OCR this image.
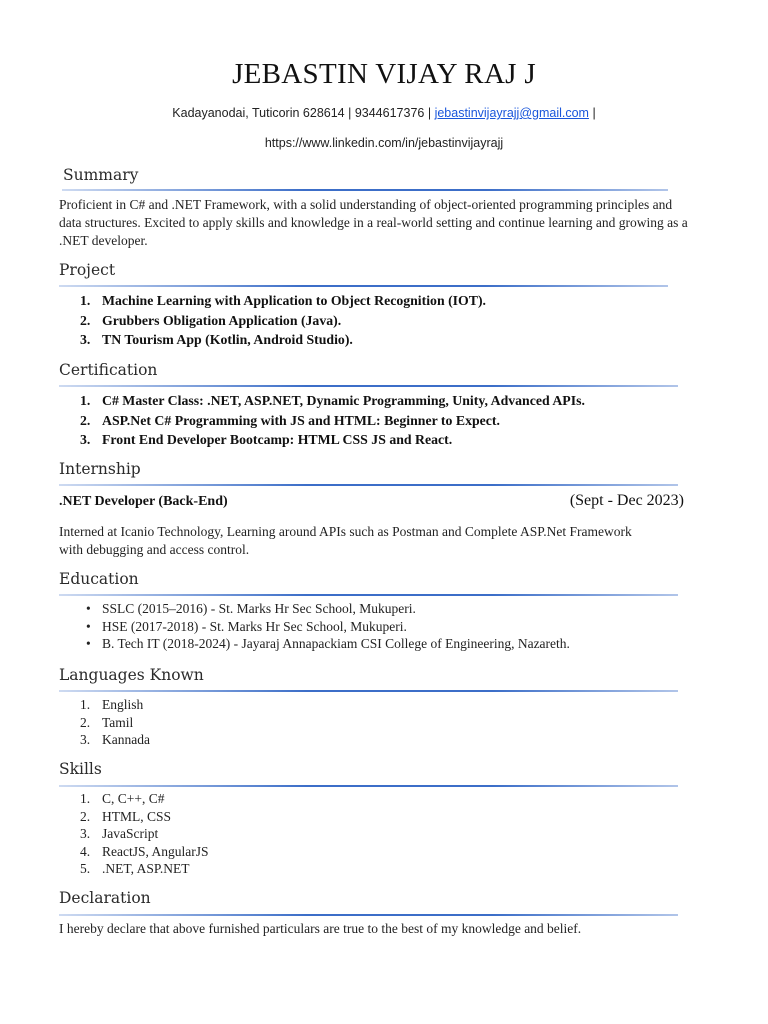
JEBASTIN VIJAY RAJ J
Kadayanodai, Tuticorin 628614 | 9344617376 | jebastinvijayrajj@gmail.com |
https://www.linkedin.com/in/jebastinvijayrajj
Summary
Proficient in C# and .NET Framework, with a solid understanding of object-oriented programming principles and data structures. Excited to apply skills and knowledge in a real-world setting and continue learning and growing as a .NET developer.
Project
1. Machine Learning with Application to Object Recognition (IOT).
2. Grubbers Obligation Application (Java).
3. TN Tourism App (Kotlin, Android Studio).
Certification
1. C# Master Class: .NET, ASP.NET, Dynamic Programming, Unity, Advanced APIs.
2. ASP.Net C# Programming with JS and HTML: Beginner to Expect.
3. Front End Developer Bootcamp: HTML CSS JS and React.
Internship
.NET Developer (Back-End)	(Sept - Dec 2023)
Interned at Icanio Technology, Learning around APIs such as Postman and Complete ASP.Net Framework with debugging and access control.
Education
• SSLC (2015–2016) - St. Marks Hr Sec School, Mukuperi.
• HSE (2017-2018) - St. Marks Hr Sec School, Mukuperi.
• B. Tech IT (2018-2024) - Jayaraj Annapackiam CSI College of Engineering, Nazareth.
Languages Known
1. English
2. Tamil
3. Kannada
Skills
1. C, C++, C#
2. HTML, CSS
3. JavaScript
4. ReactJS, AngularJS
5. .NET, ASP.NET
Declaration
I hereby declare that above furnished particulars are true to the best of my knowledge and belief.
